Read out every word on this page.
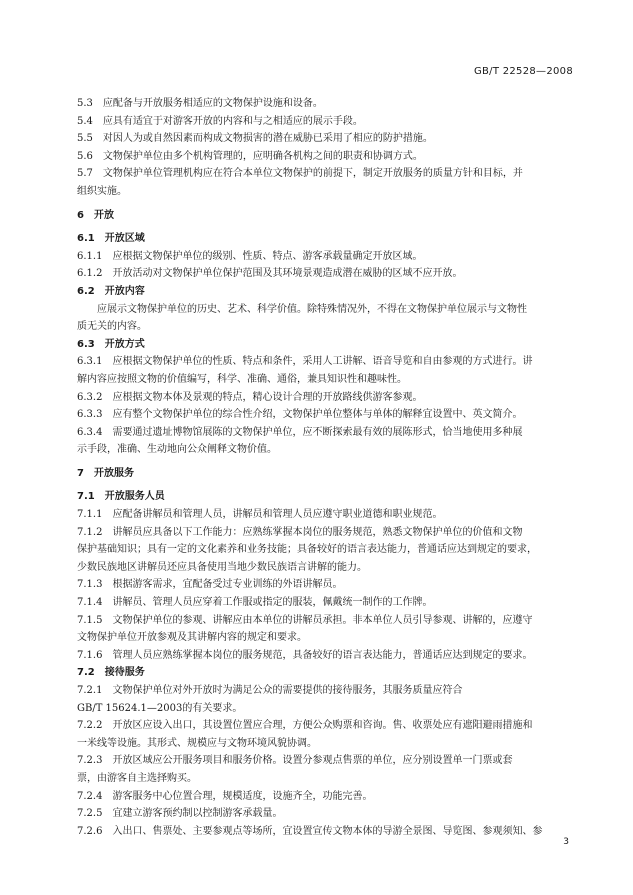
GB/T 22528—2008
5.3　应配备与开放服务相适应的文物保护设施和设备。
5.4　应具有适宜于对游客开放的内容和与之相适应的展示手段。
5.5　对因人为或自然因素而构成文物损害的潜在威胁已采用了相应的防护措施。
5.6　文物保护单位由多个机构管理的，应明确各机构之间的职责和协调方式。
5.7　文物保护单位管理机构应在符合本单位文物保护的前提下，制定开放服务的质量方针和目标，并
组织实施。
6　开放
6.1　开放区域
6.1.1　应根据文物保护单位的级别、性质、特点、游客承载量确定开放区域。
6.1.2　开放活动对文物保护单位保护范围及其环境景观造成潜在威胁的区域不应开放。
6.2　开放内容
　　应展示文物保护单位的历史、艺术、科学价值。除特殊情况外，不得在文物保护单位展示与文物性
质无关的内容。
6.3　开放方式
6.3.1　应根据文物保护单位的性质、特点和条件，采用人工讲解、语音导览和自由参观的方式进行。讲
解内容应按照文物的价值编写，科学、准确、通俗，兼具知识性和趣味性。
6.3.2　应根据文物本体及景观的特点，精心设计合理的开放路线供游客参观。
6.3.3　应有整个文物保护单位的综合性介绍，文物保护单位整体与单体的解释宜设置中、英文简介。
6.3.4　需要通过遗址博物馆展陈的文物保护单位，应不断探索最有效的展陈形式，恰当地使用多种展
示手段，准确、生动地向公众阐释文物价值。
7　开放服务
7.1　开放服务人员
7.1.1　应配备讲解员和管理人员，讲解员和管理人员应遵守职业道德和职业规范。
7.1.2　讲解员应具备以下工作能力：应熟练掌握本岗位的服务规范，熟悉文物保护单位的价值和文物
保护基础知识；具有一定的文化素养和业务技能；具备较好的语言表达能力，普通话应达到规定的要求，
少数民族地区讲解员还应具备使用当地少数民族语言讲解的能力。
7.1.3　根据游客需求，宜配备受过专业训练的外语讲解员。
7.1.4　讲解员、管理人员应穿着工作服或指定的服装，佩戴统一制作的工作牌。
7.1.5　文物保护单位的参观、讲解应由本单位的讲解员承担。非本单位人员引导参观、讲解的，应遵守
文物保护单位开放参观及其讲解内容的规定和要求。
7.1.6　管理人员应熟练掌握本岗位的服务规范，具备较好的语言表达能力，普通话应达到规定的要求。
7.2　接待服务
7.2.1　文物保护单位对外开放时为满足公众的需要提供的接待服务，其服务质量应符合
GB/T 15624.1—2003的有关要求。
7.2.2　开放区应设入出口，其设置位置应合理，方便公众购票和咨询。售、收票处应有遮阳避雨措施和
一米线等设施。其形式、规模应与文物环境风貌协调。
7.2.3　开放区域应公开服务项目和服务价格。设置分参观点售票的单位，应分别设置单一门票或套
票，由游客自主选择购买。
7.2.4　游客服务中心位置合理，规模适度，设施齐全，功能完善。
7.2.5　宜建立游客预约制以控制游客承载量。
7.2.6　入出口、售票处、主要参观点等场所，宜设置宣传文物本体的导游全景图、导览图、参观须知、参
3
